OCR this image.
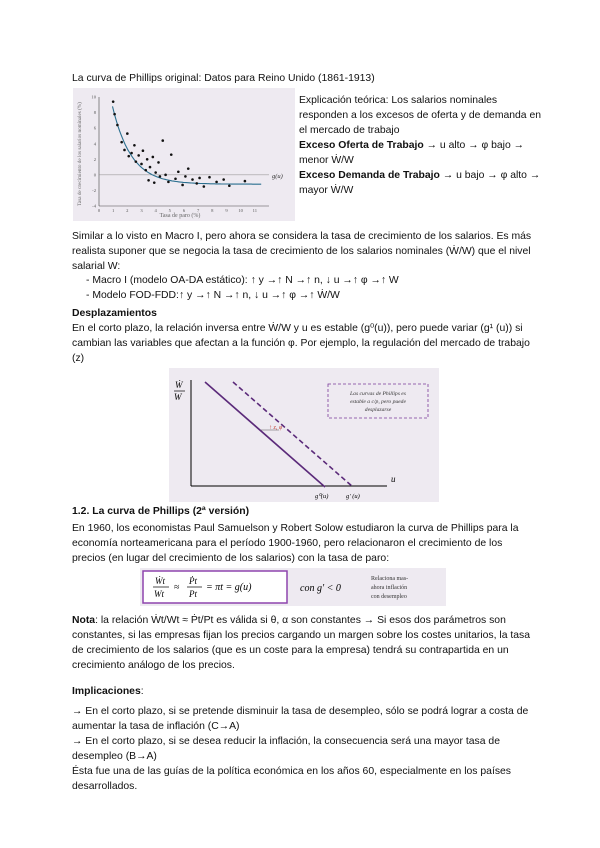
La curva de Phillips original: Datos para Reino Unido (1861-1913)
0	1	2	3	4	5	6	7	8	9 10 11
10
8
6
4
2
0
-2
-4
Tasa de crecimiento de los salarios nominales (%)
Tasa de paro (%)
g(u)
Explicación teórica: Los salarios nominales responden a los excesos de oferta y de demanda en el mercado de trabajo
Exceso Oferta de Trabajo → u alto → φ bajo → menor Ẇ/W
Exceso Demanda de Trabajo → u bajo → φ alto → mayor Ẇ/W
Similar a lo visto en Macro I, pero ahora se considera la tasa de crecimiento de los salarios. Es más realista suponer que se negocia la tasa de crecimiento de los salarios nominales (Ẇ/W) que el nivel salarial W:
- Macro I (modelo OA-DA estático): ↑ y →↑ N →↑ n, ↓ u →↑ φ →↑ W
- Modelo FOD-FDD:↑ y →↑ N →↑ n, ↓ u →↑ φ →↑ Ẇ/W
Desplazamientos
En el corto plazo, la relación inversa entre Ẇ/W y u es estable (g⁰(u)), pero puede variar (g¹ (u)) si cambian las variables que afectan a la función φ. Por ejemplo, la regulación del mercado de trabajo (z)
Ẇ
W
u
↑ z, φ
g⁰(u)	g' (u)
Las curvas de Phillips es
estable a c/p, pero puede
desplazarse
1.2. La curva de Phillips (2ª versión)
En 1960, los economistas Paul Samuelson y Robert Solow estudiaron la curva de Phillips para la economía norteamericana para el período 1900-1960, pero relacionaron el crecimiento de los precios (en lugar del crecimiento de los salarios) con la tasa de paro:
Ẇt
Wt
≈
Ṗt
Pt
= πt = g(u)	con g' < 0
Relaciona mas-
ahora inflación
con desempleo
Nota: la relación Ẇt/Wt ≈ Ṗt/Pt es válida si θ, α son constantes → Si esos dos parámetros son constantes, si las empresas fijan los precios cargando un margen sobre los costes unitarios, la tasa de crecimiento de los salarios (que es un coste para la empresa) tendrá su contrapartida en un crecimiento análogo de los precios.
Implicaciones:
→ En el corto plazo, si se pretende disminuir la tasa de desempleo, sólo se podrá lograr a costa de aumentar la tasa de inflación (C→A)
→ En el corto plazo, si se desea reducir la inflación, la consecuencia será una mayor tasa de desempleo (B→A)
Ésta fue una de las guías de la política económica en los años 60, especialmente en los países desarrollados.
